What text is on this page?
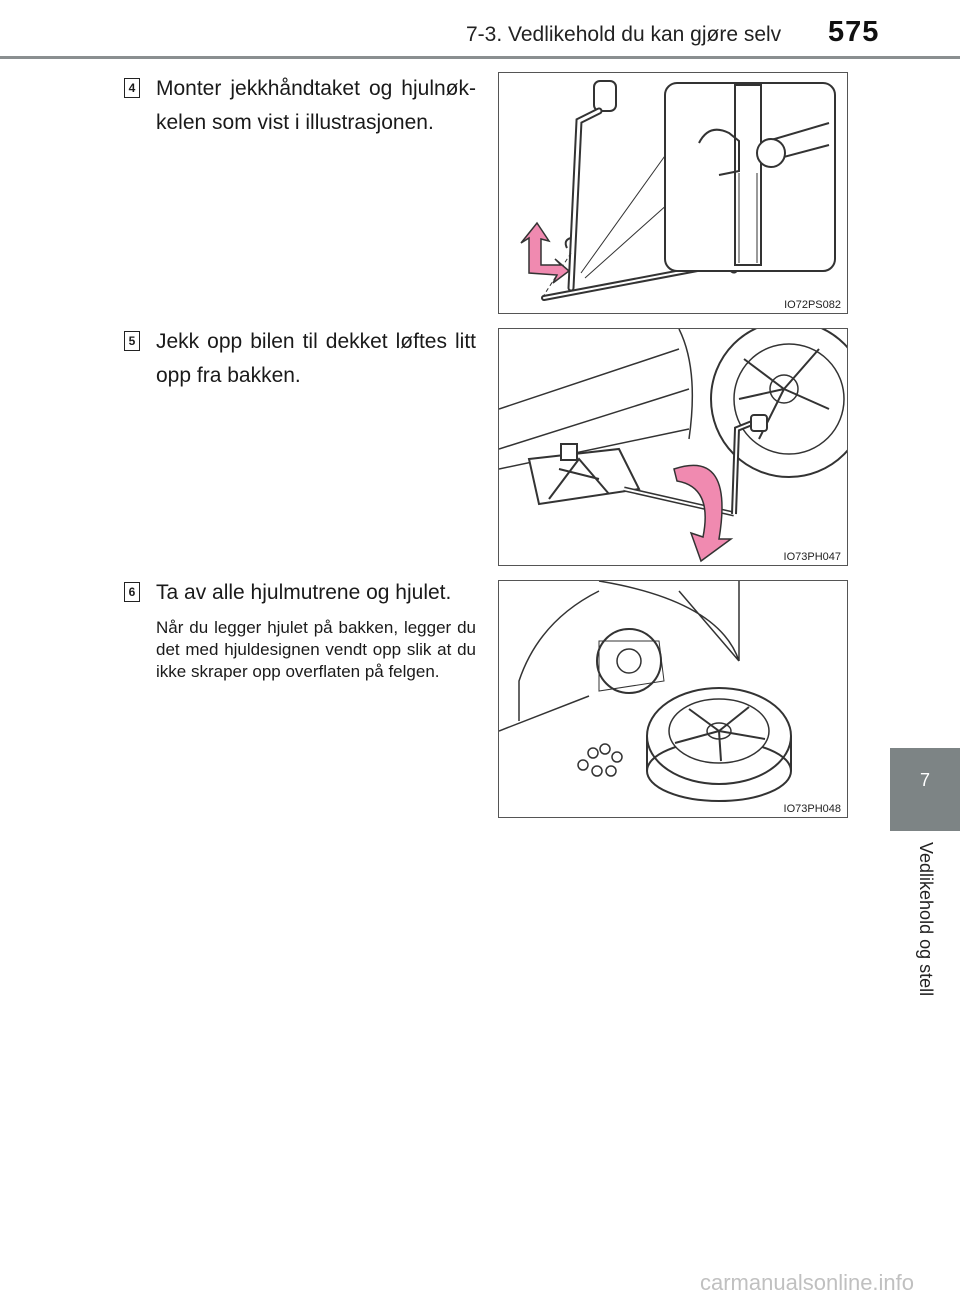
7-3. Vedlikehold du kan gjøre selv 575
7
Vedlikehold og stell
4 Monter jekkhåndtaket og hjulnøk-kelen som vist i illustrasjonen.
IO72PS082
5 Jekk opp bilen til dekket løftes litt opp fra bakken.
IO73PH047
6 Ta av alle hjulmutrene og hjulet.
Når du legger hjulet på bakken, legger du det med hjuldesignen vendt opp slik at du ikke skraper opp overflaten på felgen.
IO73PH048
carmanualsonline.info
